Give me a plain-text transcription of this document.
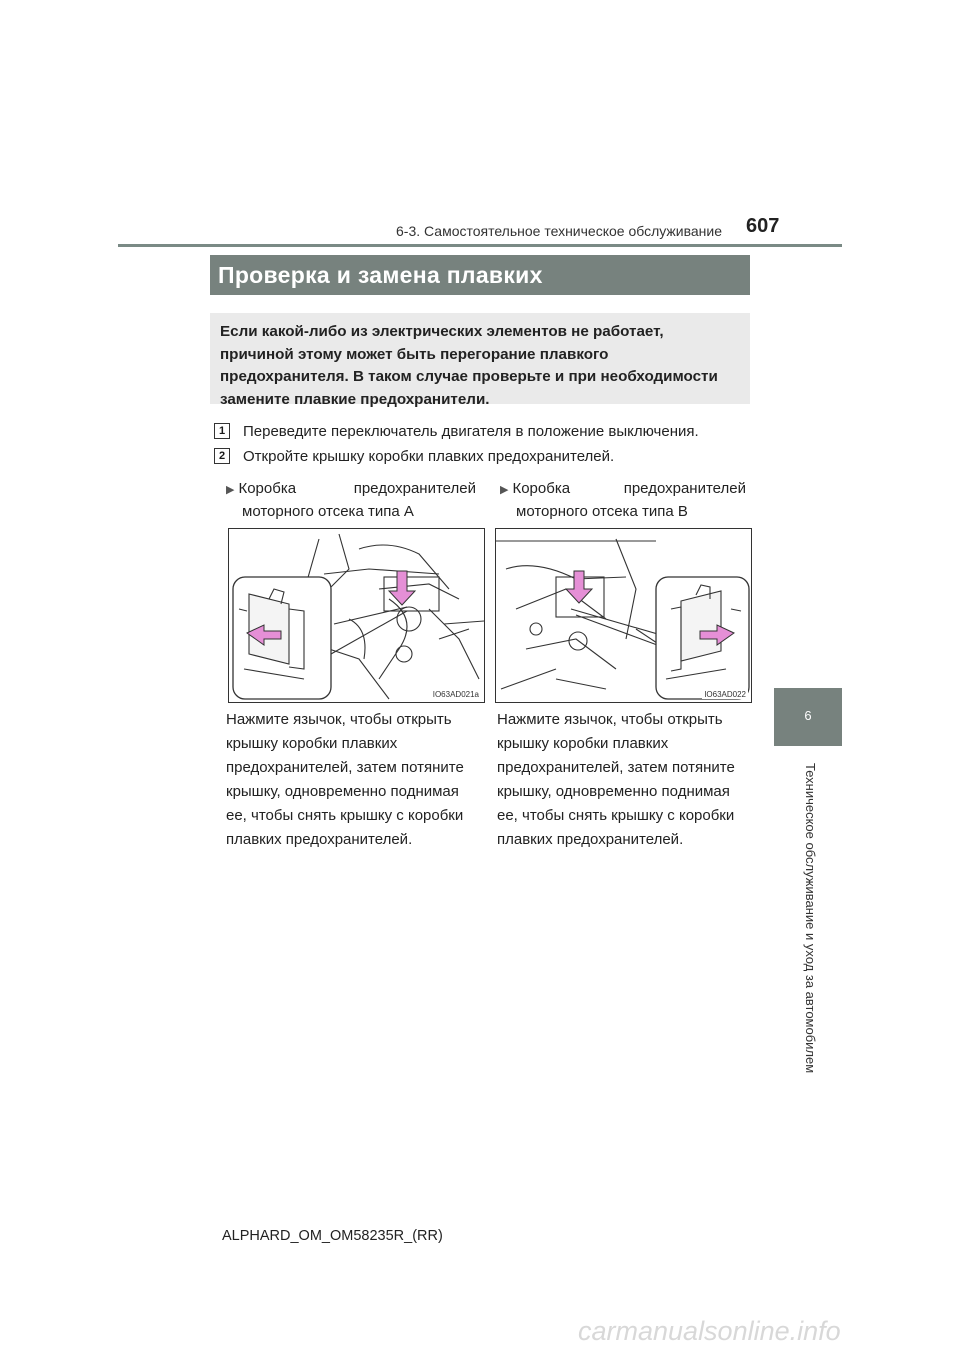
6-3. Самостоятельное техническое обслуживание 607
Проверка и замена плавких
Если какой-либо из электрических элементов не работает,
причиной этому может быть перегорание плавкого
предохранителя. В таком случае проверьте и при необходимости
замените плавкие предохранители.
1	Переведите переключатель двигателя в положение выключения.
2	Откройте крышку коробки плавких предохранителей.
▶ Коробка	предохранителей
моторного отсека типа A
▶ Коробка	предохранителей
моторного отсека типа B
IO63AD021a	IO63AD022
Нажмите язычок, чтобы открыть
крышку коробки плавких
предохранителей, затем потяните
крышку, одновременно поднимая
ее, чтобы снять крышку с коробки
плавких предохранителей.
Нажмите язычок, чтобы открыть
крышку коробки плавких
предохранителей, затем потяните
крышку, одновременно поднимая
ее, чтобы снять крышку с коробки
плавких предохранителей.
6
Техническое обслуживание и уход за автомобилем
ALPHARD_OM_OM58235R_(RR)
carmanualsonline.info
